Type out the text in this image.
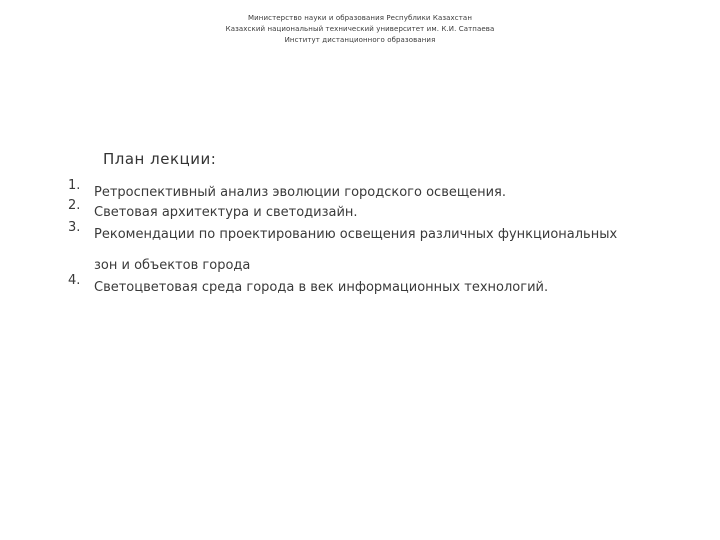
Министерство науки и образования Республики Казахстан
Казахский национальный технический университет им. К.И. Сатпаева
Институт дистанционного образования
План лекции:
1. Ретроспективный анализ эволюции городского освещения.
2. Световая архитектура и светодизайн.
3. Рекомендации по проектированию освещения различных функциональных
зон и объектов города
4. Светоцветовая среда города в век информационных технологий.
